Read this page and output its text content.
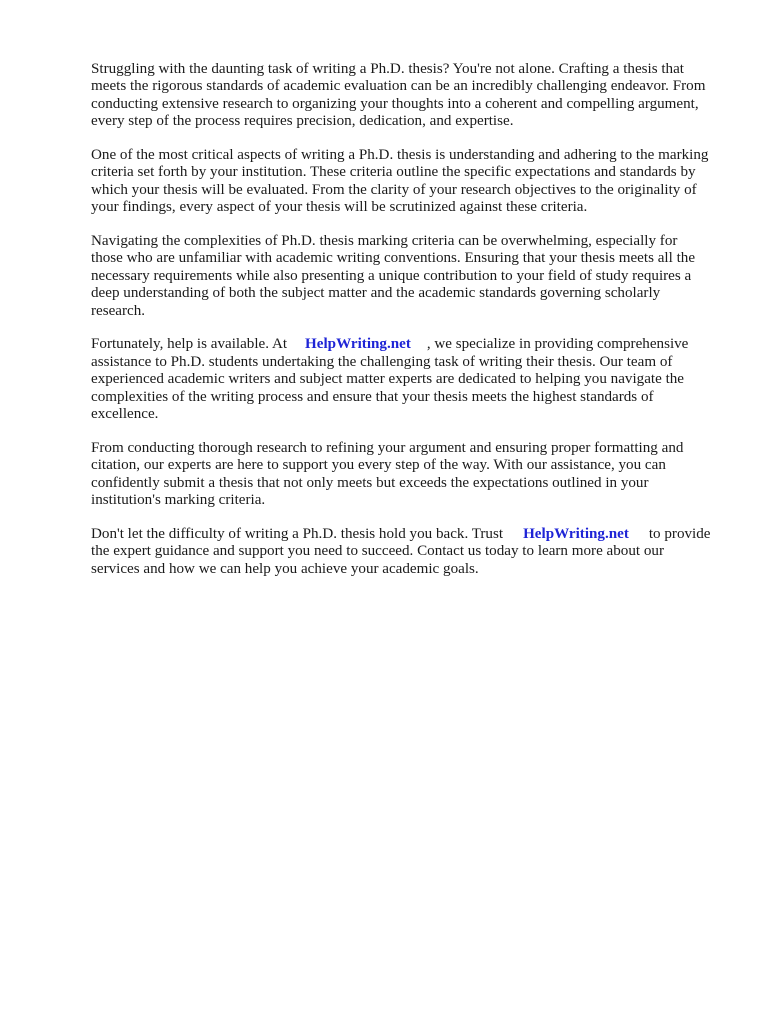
Struggling with the daunting task of writing a Ph.D. thesis? You're not alone. Crafting a thesis that meets the rigorous standards of academic evaluation can be an incredibly challenging endeavor. From conducting extensive research to organizing your thoughts into a coherent and compelling argument, every step of the process requires precision, dedication, and expertise.

One of the most critical aspects of writing a Ph.D. thesis is understanding and adhering to the marking criteria set forth by your institution. These criteria outline the specific expectations and standards by which your thesis will be evaluated. From the clarity of your research objectives to the originality of your findings, every aspect of your thesis will be scrutinized against these criteria.

Navigating the complexities of Ph.D. thesis marking criteria can be overwhelming, especially for those who are unfamiliar with academic writing conventions. Ensuring that your thesis meets all the necessary requirements while also presenting a unique contribution to your field of study requires a deep understanding of both the subject matter and the academic standards governing scholarly research.

Fortunately, help is available. At HelpWriting.net , we specialize in providing comprehensive assistance to Ph.D. students undertaking the challenging task of writing their thesis. Our team of experienced academic writers and subject matter experts are dedicated to helping you navigate the complexities of the writing process and ensure that your thesis meets the highest standards of excellence.

From conducting thorough research to refining your argument and ensuring proper formatting and citation, our experts are here to support you every step of the way. With our assistance, you can confidently submit a thesis that not only meets but exceeds the expectations outlined in your institution's marking criteria.

Don't let the difficulty of writing a Ph.D. thesis hold you back. Trust HelpWriting.net to provide the expert guidance and support you need to succeed. Contact us today to learn more about our services and how we can help you achieve your academic goals.
